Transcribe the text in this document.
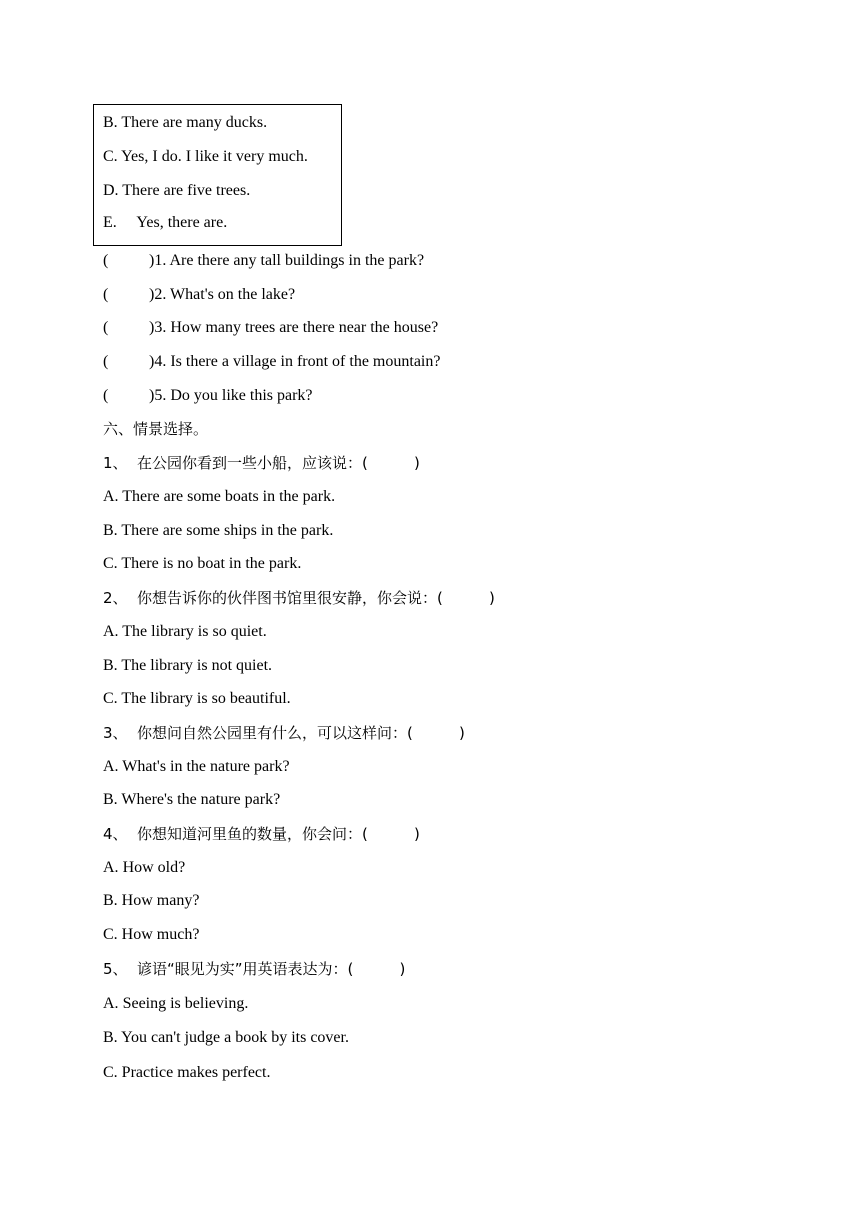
B. There are many ducks.
C. Yes, I do. I like it very much.
D. There are five trees.
E. Yes, there are.
(	)1. Are there any tall buildings in the park?
(	)2. What's on the lake?
(	)3. How many trees are there near the house?
(	)4. Is there a village in front of the mountain?
(	)5. Do you like this park?
六、情景选择。
1、 在公园你看到一些小船，应该说：(	)
A. There are some boats in the park.
B. There are some ships in the park.
C. There is no boat in the park.
2、 你想告诉你的伙伴图书馆里很安静，你会说：(	)
A. The library is so quiet.
B. The library is not quiet.
C. The library is so beautiful.
3、 你想问自然公园里有什么，可以这样问：(	)
A. What's in the nature park?
B. Where's the nature park?
4、 你想知道河里鱼的数量，你会问：(	)
A. How old?
B. How many?
C. How much?
5、 谚语“眼见为实”用英语表达为：(	)
A. Seeing is believing.
B. You can't judge a book by its cover.
C. Practice makes perfect.
